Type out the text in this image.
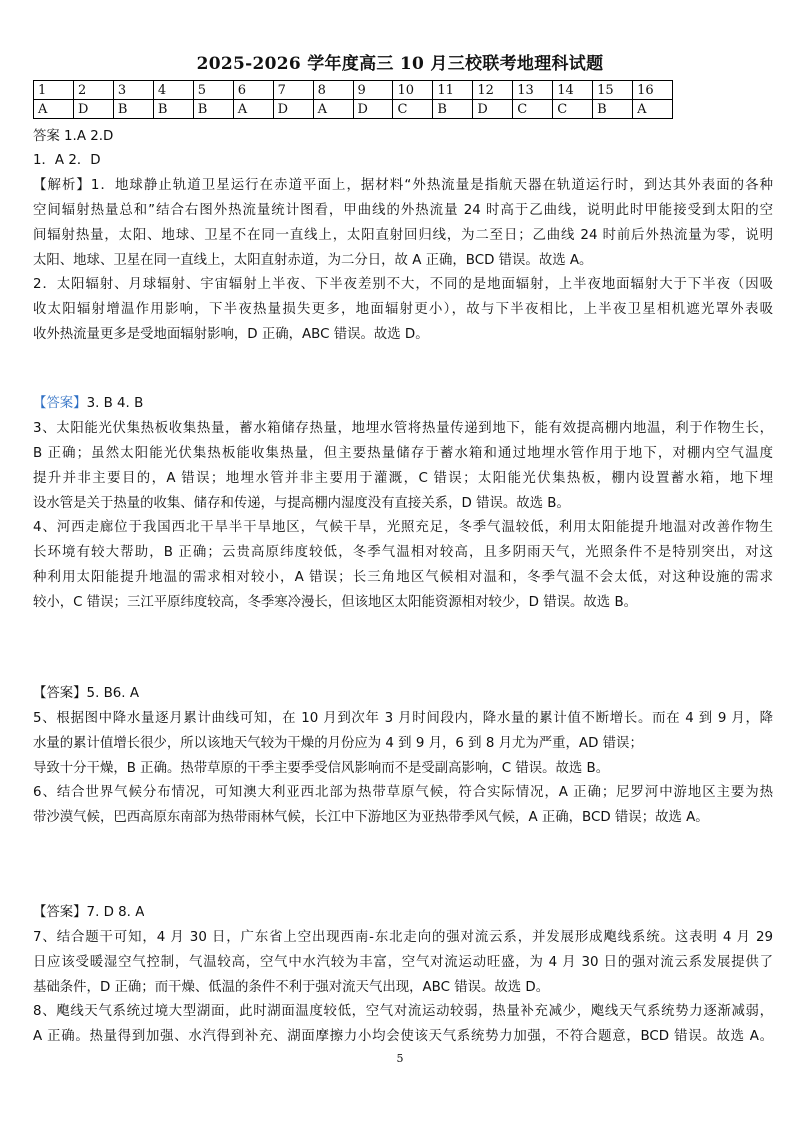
2025-2026 学年度高三 10 月三校联考地理科试题
1	2	3	4	5	6	7	8	9	10	11	12	13	14	15	16
A	D	B	B	B	A	D	A	D	C	B	D	C	C	B	A
答案 1.A 2.D
1．A 2．D
【解析】1．地球静止轨道卫星运行在赤道平面上，据材料“外热流量是指航天器在轨道运行时，到达其外表面的各种
空间辐射热量总和”结合右图外热流量统计图看，甲曲线的外热流量 24 时高于乙曲线，说明此时甲能接受到太阳的空
间辐射热量，太阳、地球、卫星不在同一直线上，太阳直射回归线，为二至日；乙曲线 24 时前后外热流量为零，说明
太阳、地球、卫星在同一直线上，太阳直射赤道，为二分日，故 A 正确，BCD 错误。故选 A。
2．太阳辐射、月球辐射、宇宙辐射上半夜、下半夜差别不大，不同的是地面辐射，上半夜地面辐射大于下半夜（因吸
收太阳辐射增温作用影响，下半夜热量损失更多，地面辐射更小），故与下半夜相比，上半夜卫星相机遮光罩外表吸
收外热流量更多是受地面辐射影响，D 正确，ABC 错误。故选 D。
【答案】3. B 4. B
3、太阳能光伏集热板收集热量，蓄水箱储存热量，地埋水管将热量传递到地下，能有效提高棚内地温，利于作物生长，
B 正确；虽然太阳能光伏集热板能收集热量，但主要热量储存于蓄水箱和通过地埋水管作用于地下，对棚内空气温度
提升并非主要目的，A 错误；地埋水管并非主要用于灌溉，C 错误；太阳能光伏集热板，棚内设置蓄水箱，地下埋
设水管是关于热量的收集、储存和传递，与提高棚内湿度没有直接关系，D 错误。故选 B。
4、河西走廊位于我国西北干旱半干旱地区，气候干旱，光照充足，冬季气温较低，利用太阳能提升地温对改善作物生
长环境有较大帮助，B 正确；云贵高原纬度较低，冬季气温相对较高，且多阴雨天气，光照条件不是特别突出，对这
种利用太阳能提升地温的需求相对较小，A 错误；长三角地区气候相对温和，冬季气温不会太低，对这种设施的需求
较小，C 错误；三江平原纬度较高，冬季寒冷漫长，但该地区太阳能资源相对较少，D 错误。故选 B。
【答案】5. B6. A
5、根据图中降水量逐月累计曲线可知，在 10 月到次年 3 月时间段内，降水量的累计值不断增长。而在 4 到 9 月，降
水量的累计值增长很少，所以该地天气较为干燥的月份应为 4 到 9 月，6 到 8 月尤为严重，AD 错误；
导致十分干燥，B 正确。热带草原的干季主要季受信风影响而不是受副高影响，C 错误。故选 B。
6、结合世界气候分布情况，可知澳大利亚西北部为热带草原气候，符合实际情况，A 正确；尼罗河中游地区主要为热
带沙漠气候，巴西高原东南部为热带雨林气候，长江中下游地区为亚热带季风气候，A 正确，BCD 错误；故选 A。
【答案】7. D 8. A
7、结合题干可知，4 月 30 日，广东省上空出现西南-东北走向的强对流云系，并发展形成飑线系统。这表明 4 月 29
日应该受暖湿空气控制，气温较高，空气中水汽较为丰富，空气对流运动旺盛，为 4 月 30 日的强对流云系发展提供了
基础条件，D 正确；而干燥、低温的条件不利于强对流天气出现，ABC 错误。故选 D。
8、飑线天气系统过境大型湖面，此时湖面温度较低，空气对流运动较弱，热量补充减少，飑线天气系统势力逐渐减弱，
A 正确。热量得到加强、水汽得到补充、湖面摩擦力小均会使该天气系统势力加强，不符合题意，BCD 错误。故选 A。
5
